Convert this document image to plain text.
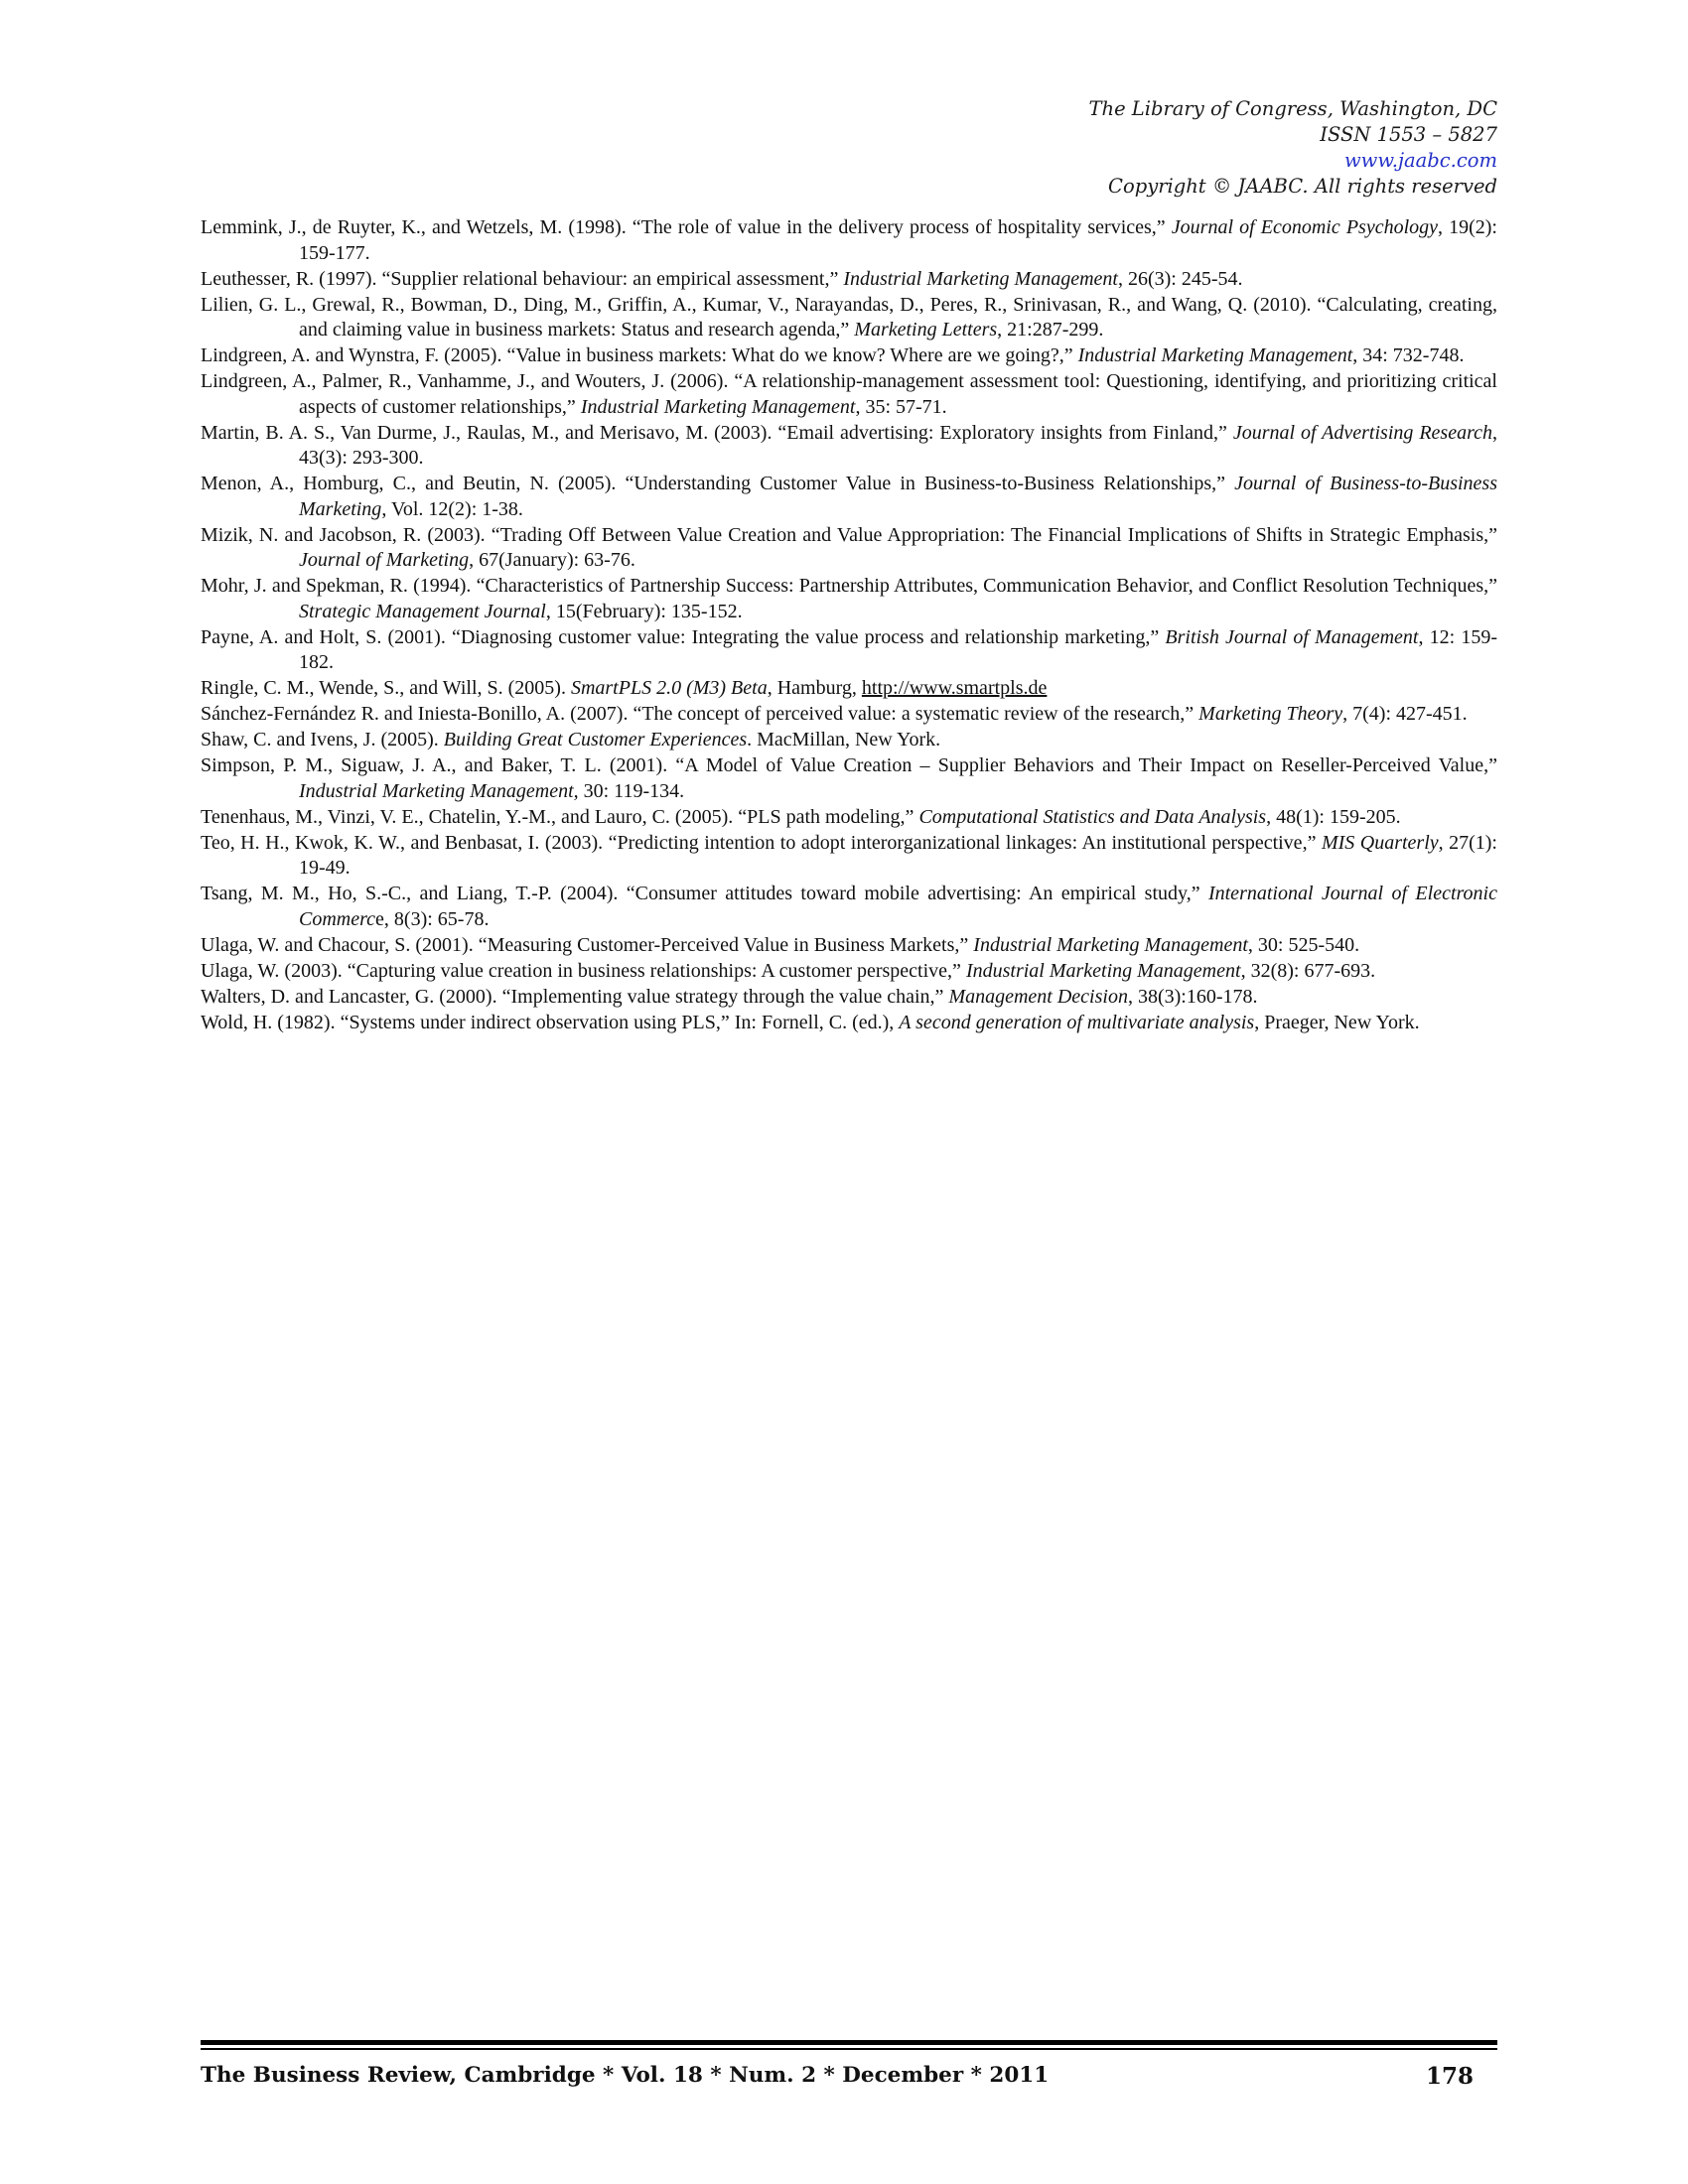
The Library of Congress, Washington, DC
ISSN 1553 – 5827
www.jaabc.com
Copyright © JAABC. All rights reserved

Lemmink, J., de Ruyter, K., and Wetzels, M. (1998). “The role of value in the delivery process of hospitality services,” Journal of Economic Psychology, 19(2): 159-177.

Leuthesser, R. (1997). “Supplier relational behaviour: an empirical assessment,” Industrial Marketing Management, 26(3): 245-54.

Lilien, G. L., Grewal, R., Bowman, D., Ding, M., Griffin, A., Kumar, V., Narayandas, D., Peres, R., Srinivasan, R., and Wang, Q. (2010). “Calculating, creating, and claiming value in business markets: Status and research agenda,” Marketing Letters, 21:287-299.

Lindgreen, A. and Wynstra, F. (2005). “Value in business markets: What do we know? Where are we going?,” Industrial Marketing Management, 34: 732-748.

Lindgreen, A., Palmer, R., Vanhamme, J., and Wouters, J. (2006). “A relationship-management assessment tool: Questioning, identifying, and prioritizing critical aspects of customer relationships,” Industrial Marketing Management, 35: 57-71.

Martin, B. A. S., Van Durme, J., Raulas, M., and Merisavo, M. (2003). “Email advertising: Exploratory insights from Finland,” Journal of Advertising Research, 43(3): 293-300.

Menon, A., Homburg, C., and Beutin, N. (2005). “Understanding Customer Value in Business-to-Business Relationships,” Journal of Business-to-Business Marketing, Vol. 12(2): 1-38.

Mizik, N. and Jacobson, R. (2003). “Trading Off Between Value Creation and Value Appropriation: The Financial Implications of Shifts in Strategic Emphasis,” Journal of Marketing, 67(January): 63-76.

Mohr, J. and Spekman, R. (1994). “Characteristics of Partnership Success: Partnership Attributes, Communication Behavior, and Conflict Resolution Techniques,” Strategic Management Journal, 15(February): 135-152.

Payne, A. and Holt, S. (2001). “Diagnosing customer value: Integrating the value process and relationship marketing,” British Journal of Management, 12: 159-182.

Ringle, C. M., Wende, S., and Will, S. (2005). SmartPLS 2.0 (M3) Beta, Hamburg, http://www.smartpls.de

Sánchez-Fernández R. and Iniesta-Bonillo, A. (2007). “The concept of perceived value: a systematic review of the research,” Marketing Theory, 7(4): 427-451.

Shaw, C. and Ivens, J. (2005). Building Great Customer Experiences. MacMillan, New York.

Simpson, P. M., Siguaw, J. A., and Baker, T. L. (2001). “A Model of Value Creation – Supplier Behaviors and Their Impact on Reseller-Perceived Value,” Industrial Marketing Management, 30: 119-134.

Tenenhaus, M., Vinzi, V. E., Chatelin, Y.-M., and Lauro, C. (2005). “PLS path modeling,” Computational Statistics and Data Analysis, 48(1): 159-205.

Teo, H. H., Kwok, K. W., and Benbasat, I. (2003). “Predicting intention to adopt interorganizational linkages: An institutional perspective,” MIS Quarterly, 27(1): 19-49.

Tsang, M. M., Ho, S.-C., and Liang, T.-P. (2004). “Consumer attitudes toward mobile advertising: An empirical study,” International Journal of Electronic Commerce, 8(3): 65-78.

Ulaga, W. and Chacour, S. (2001). “Measuring Customer-Perceived Value in Business Markets,” Industrial Marketing Management, 30: 525-540.

Ulaga, W. (2003). “Capturing value creation in business relationships: A customer perspective,” Industrial Marketing Management, 32(8): 677-693.

Walters, D. and Lancaster, G. (2000). “Implementing value strategy through the value chain,” Management Decision, 38(3):160-178.

Wold, H. (1982). “Systems under indirect observation using PLS,” In: Fornell, C. (ed.), A second generation of multivariate analysis, Praeger, New York.

The Business Review, Cambridge * Vol. 18 * Num. 2 * December * 2011	178
